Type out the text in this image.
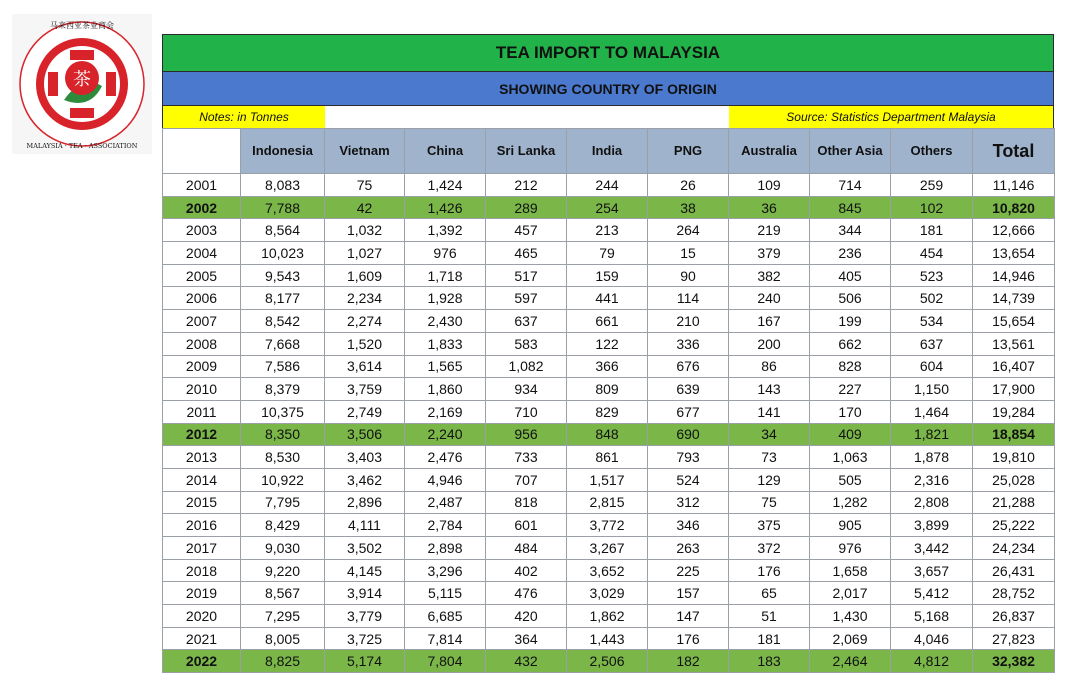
茶
马来西亚茶业商会
MALAYSIA · TEA · ASSOCIATION
TEA IMPORT TO MALAYSIA
SHOWING COUNTRY OF ORIGIN
Notes: in Tonnes	Source: Statistics Department Malaysia
	Indonesia	Vietnam	China	Sri Lanka	India	PNG	Australia	Other Asia	Others	Total
2001	8,083	75	1,424	212	244	26	109	714	259	11,146
2002	7,788	42	1,426	289	254	38	36	845	102	10,820
2003	8,564	1,032	1,392	457	213	264	219	344	181	12,666
2004	10,023	1,027	976	465	79	15	379	236	454	13,654
2005	9,543	1,609	1,718	517	159	90	382	405	523	14,946
2006	8,177	2,234	1,928	597	441	114	240	506	502	14,739
2007	8,542	2,274	2,430	637	661	210	167	199	534	15,654
2008	7,668	1,520	1,833	583	122	336	200	662	637	13,561
2009	7,586	3,614	1,565	1,082	366	676	86	828	604	16,407
2010	8,379	3,759	1,860	934	809	639	143	227	1,150	17,900
2011	10,375	2,749	2,169	710	829	677	141	170	1,464	19,284
2012	8,350	3,506	2,240	956	848	690	34	409	1,821	18,854
2013	8,530	3,403	2,476	733	861	793	73	1,063	1,878	19,810
2014	10,922	3,462	4,946	707	1,517	524	129	505	2,316	25,028
2015	7,795	2,896	2,487	818	2,815	312	75	1,282	2,808	21,288
2016	8,429	4,111	2,784	601	3,772	346	375	905	3,899	25,222
2017	9,030	3,502	2,898	484	3,267	263	372	976	3,442	24,234
2018	9,220	4,145	3,296	402	3,652	225	176	1,658	3,657	26,431
2019	8,567	3,914	5,115	476	3,029	157	65	2,017	5,412	28,752
2020	7,295	3,779	6,685	420	1,862	147	51	1,430	5,168	26,837
2021	8,005	3,725	7,814	364	1,443	176	181	2,069	4,046	27,823
2022	8,825	5,174	7,804	432	2,506	182	183	2,464	4,812	32,382
